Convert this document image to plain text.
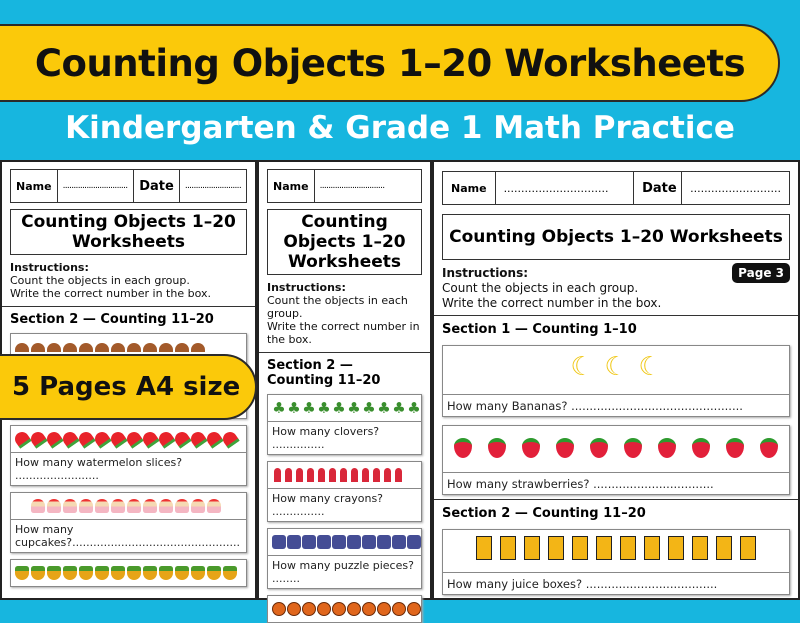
Counting Objects 1–20 Worksheets
Kindergarten & Grade 1 Math Practice
Name	.............................. Date	..........................
Counting Objects 1–20 Worksheets
Instructions:
Count the objects in each group.
Write the correct number in the box.
Section 2 — Counting 11–20
How many watermelon slices? ........................
How many cupcakes?................................................
Name	..............................
Counting Objects 1–20 Worksheets
Instructions:
Count the objects in each group.
Write the correct number in the box.
Section 2 — Counting 11–20
♣ ♣ ♣ ♣ ♣ ♣ ♣ ♣ ♣ ♣
How many clovers? ...............
How many crayons? ...............
How many puzzle pieces? ........
Name	..............................	Date	..........................
Counting Objects 1–20 Worksheets
Instructions:
Count the objects in each group.
Write the correct number in the box.
Page 3
Section 1 — Counting 1–10
☾ ☾ ☾
How many Bananas? ...............................................
How many strawberries? .................................
Section 2 — Counting 11–20
How many juice boxes? ....................................
5 Pages A4 size
